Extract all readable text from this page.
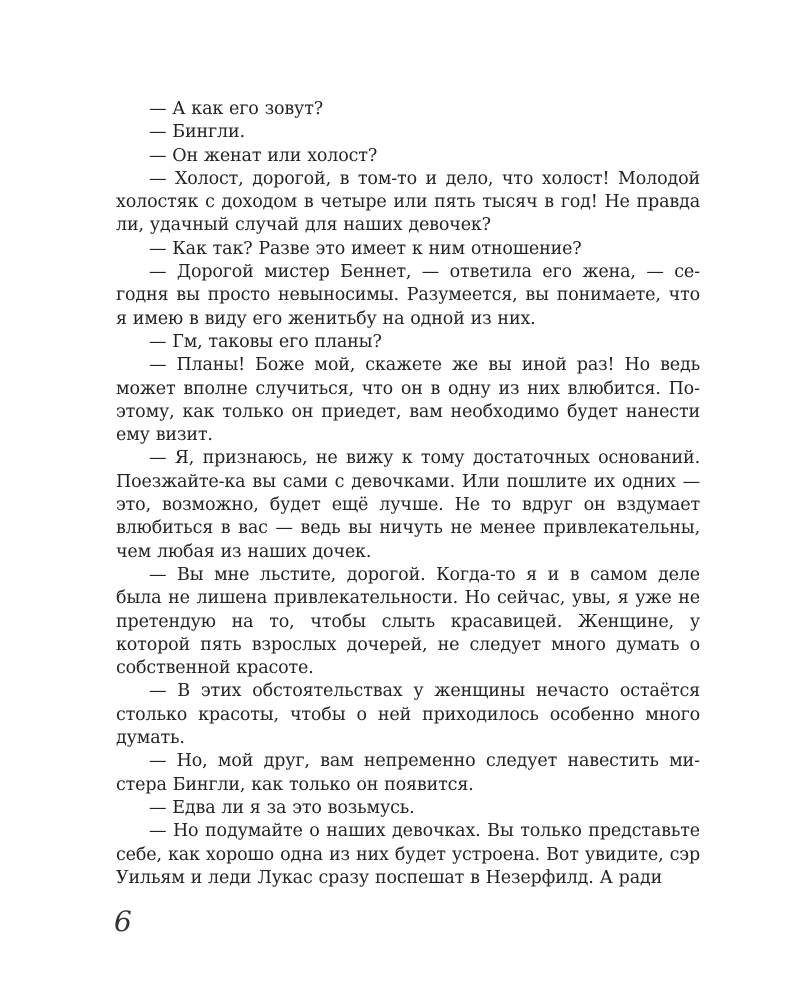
— А как его зовут?

— Бингли.

— Он женат или холост?

— Холост, дорогой, в том-то и дело, что холост! Молодой холостяк с доходом в четыре или пять тысяч в год! Не правда ли, удачный случай для наших девочек?

— Как так? Разве это имеет к ним отношение?

— Дорогой мистер Беннет, — ответила его жена, — сегодня вы просто невыносимы. Разумеется, вы понимаете, что я имею в виду его женитьбу на одной из них.

— Гм, таковы его планы?

— Планы! Боже мой, скажете же вы иной раз! Но ведь может вполне случиться, что он в одну из них влюбится. Поэтому, как только он приедет, вам необходимо будет нанести ему визит.

— Я, признаюсь, не вижу к тому достаточных оснований. Поезжайте-ка вы сами с девочками. Или пошлите их одних — это, возможно, будет ещё лучше. Не то вдруг он вздумает влюбиться в вас — ведь вы ничуть не менее привлекательны, чем любая из наших дочек.

— Вы мне льстите, дорогой. Когда-то я и в самом деле была не лишена привлекательности. Но сейчас, увы, я уже не претендую на то, чтобы слыть красавицей. Женщине, у которой пять взрослых дочерей, не следует много думать о собственной красоте.

— В этих обстоятельствах у женщины нечасто остаётся столько красоты, чтобы о ней приходилось особенно много думать.

— Но, мой друг, вам непременно следует навестить мистера Бингли, как только он появится.

— Едва ли я за это возьмусь.

— Но подумайте о наших девочках. Вы только представьте себе, как хорошо одна из них будет устроена. Вот увидите, сэр Уильям и леди Лукас сразу поспешат в Незерфилд. А ради

6
